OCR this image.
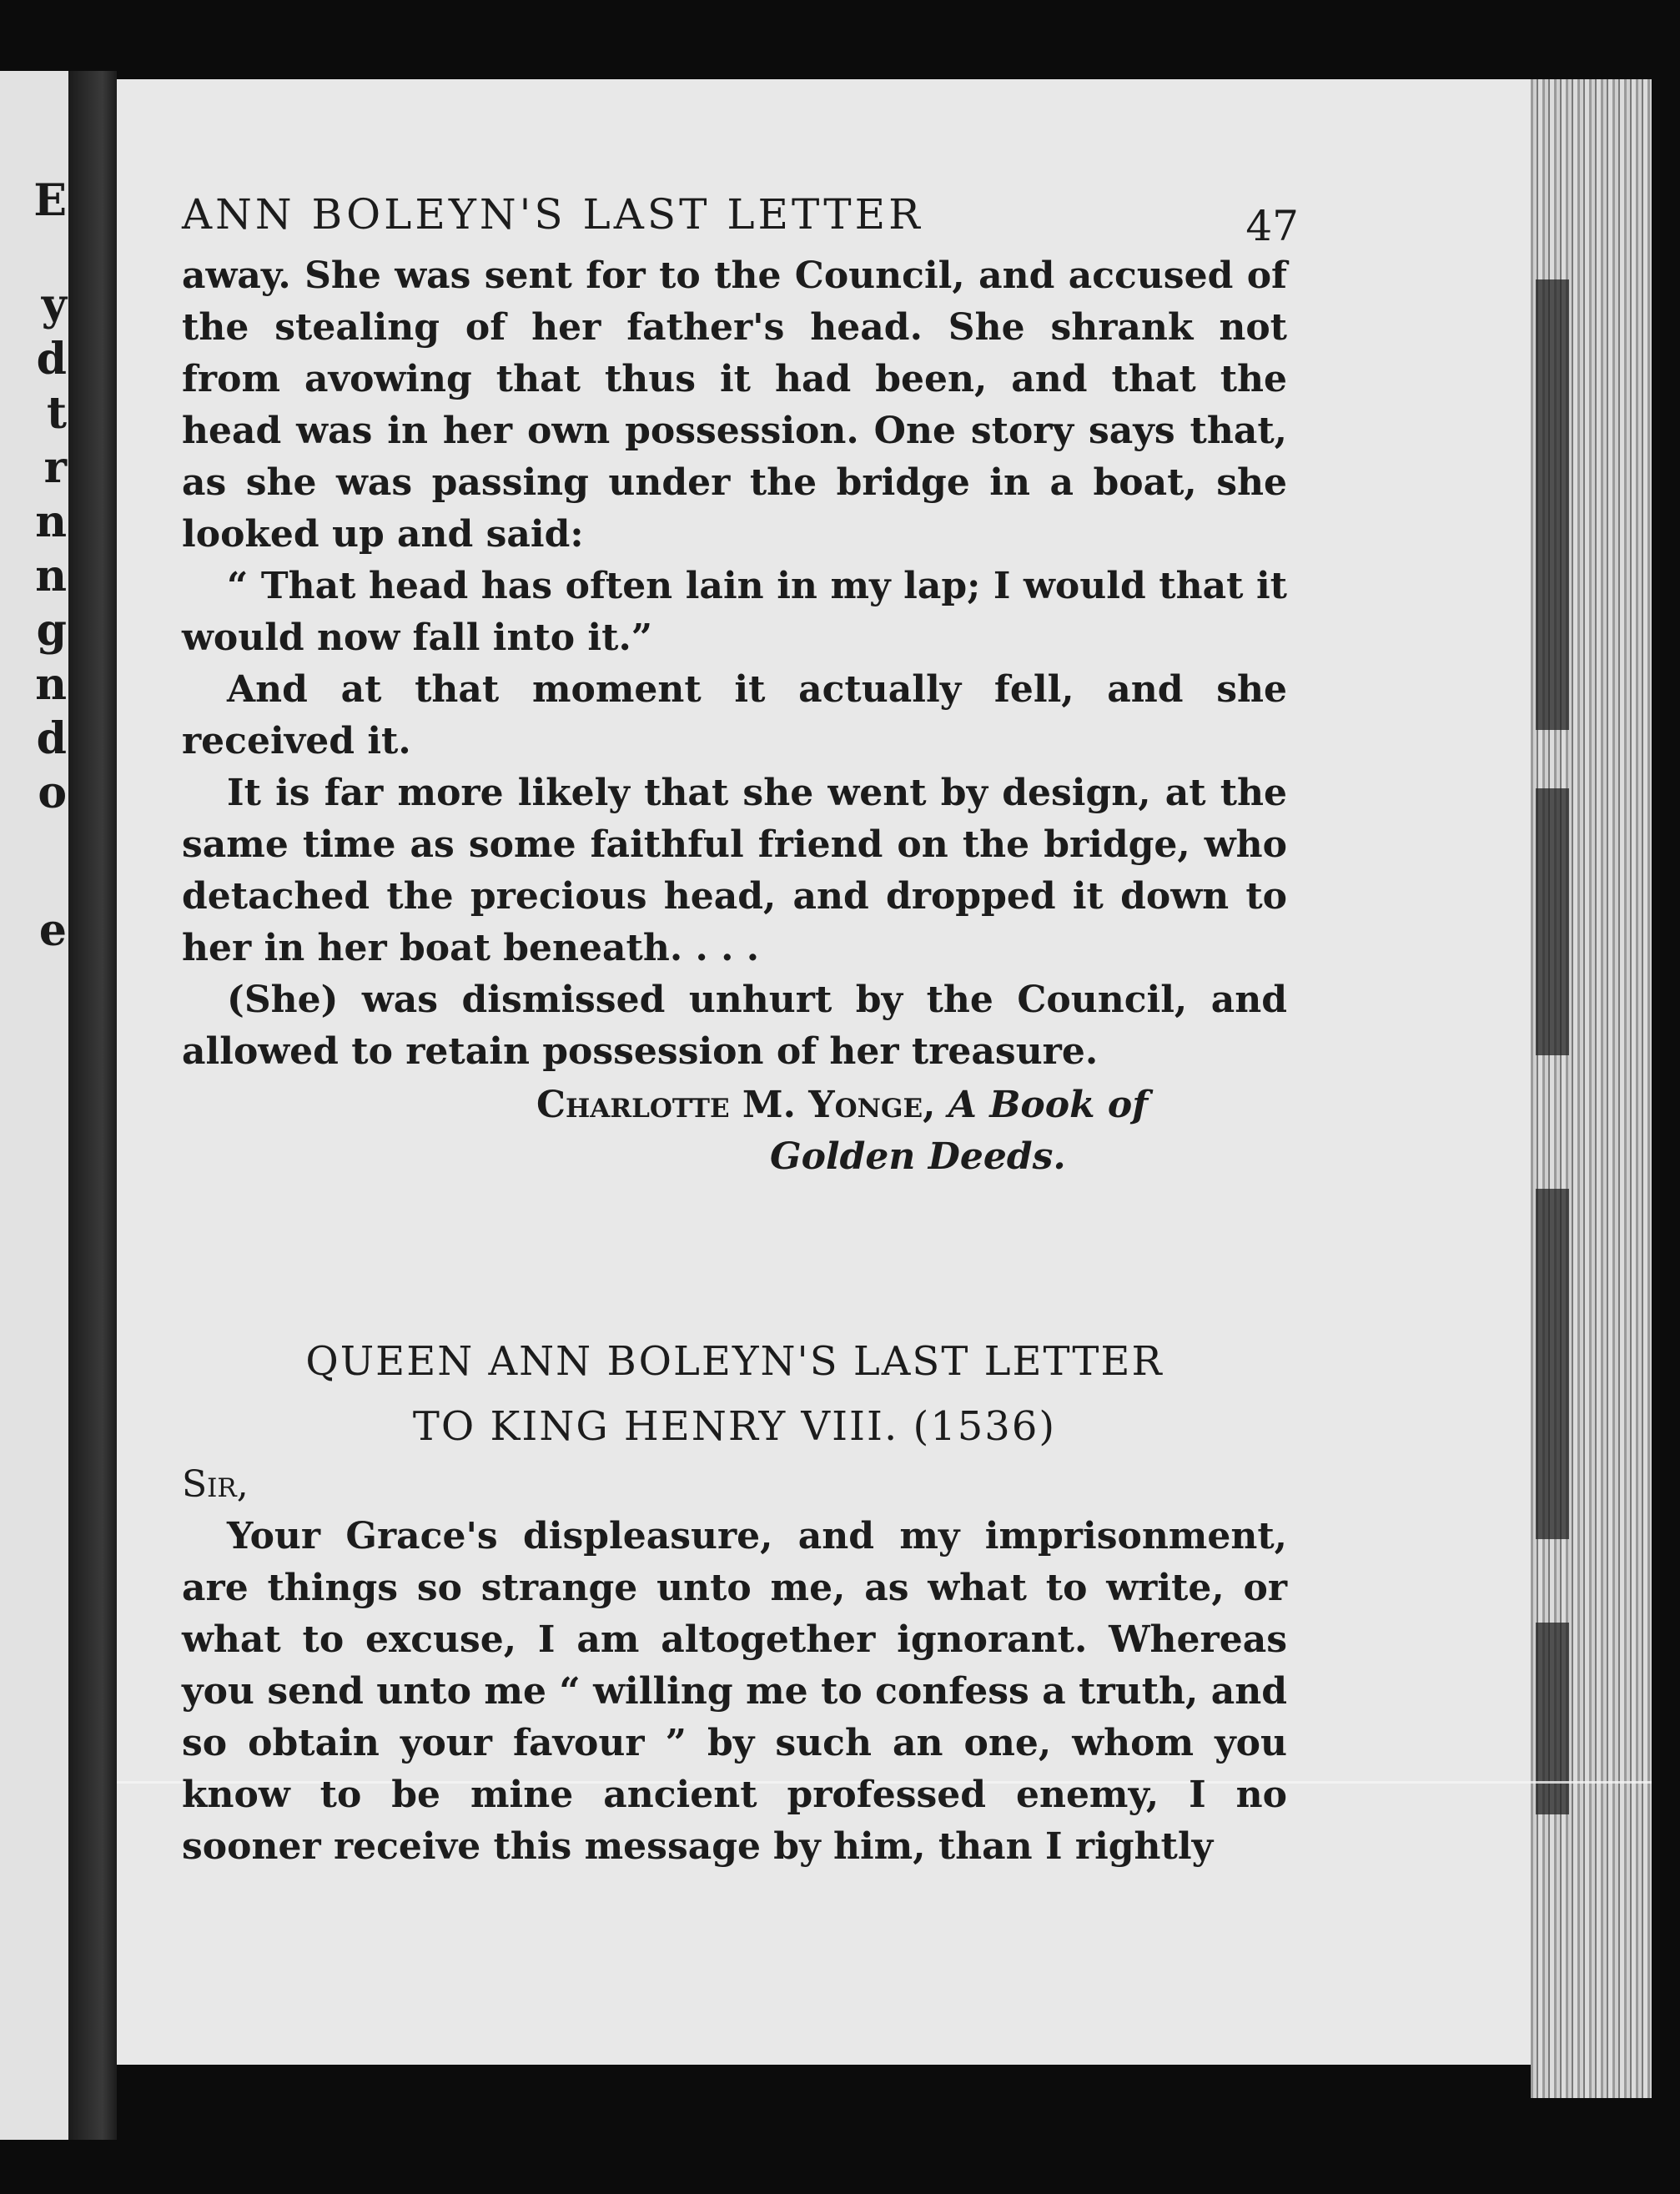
E
y
d
t
r
n
n
g
n
d
o
e
ANN BOLEYN'S LAST LETTER	47

away. She was sent for to the Council, and accused of the stealing of her father's head. She shrank not from avowing that thus it had been, and that the head was in her own possession. One story says that, as she was passing under the bridge in a boat, she looked up and said:

“ That head has often lain in my lap; I would that it would now fall into it.”

And at that moment it actually fell, and she received it.

It is far more likely that she went by design, at the same time as some faithful friend on the bridge, who detached the precious head, and dropped it down to her in her boat beneath. . . .

(She) was dismissed unhurt by the Council, and allowed to retain possession of her treasure.

Charlotte M. Yonge, A Book of
Golden Deeds.
QUEEN ANN BOLEYN'S LAST LETTER
TO KING HENRY VIII. (1536)
Sir,

Your Grace's displeasure, and my imprisonment, are things so strange unto me, as what to write, or what to excuse, I am altogether ignorant. Whereas you send unto me “ willing me to confess a truth, and so obtain your favour ” by such an one, whom you know to be mine ancient professed enemy, I no sooner receive this message by him, than I rightly
